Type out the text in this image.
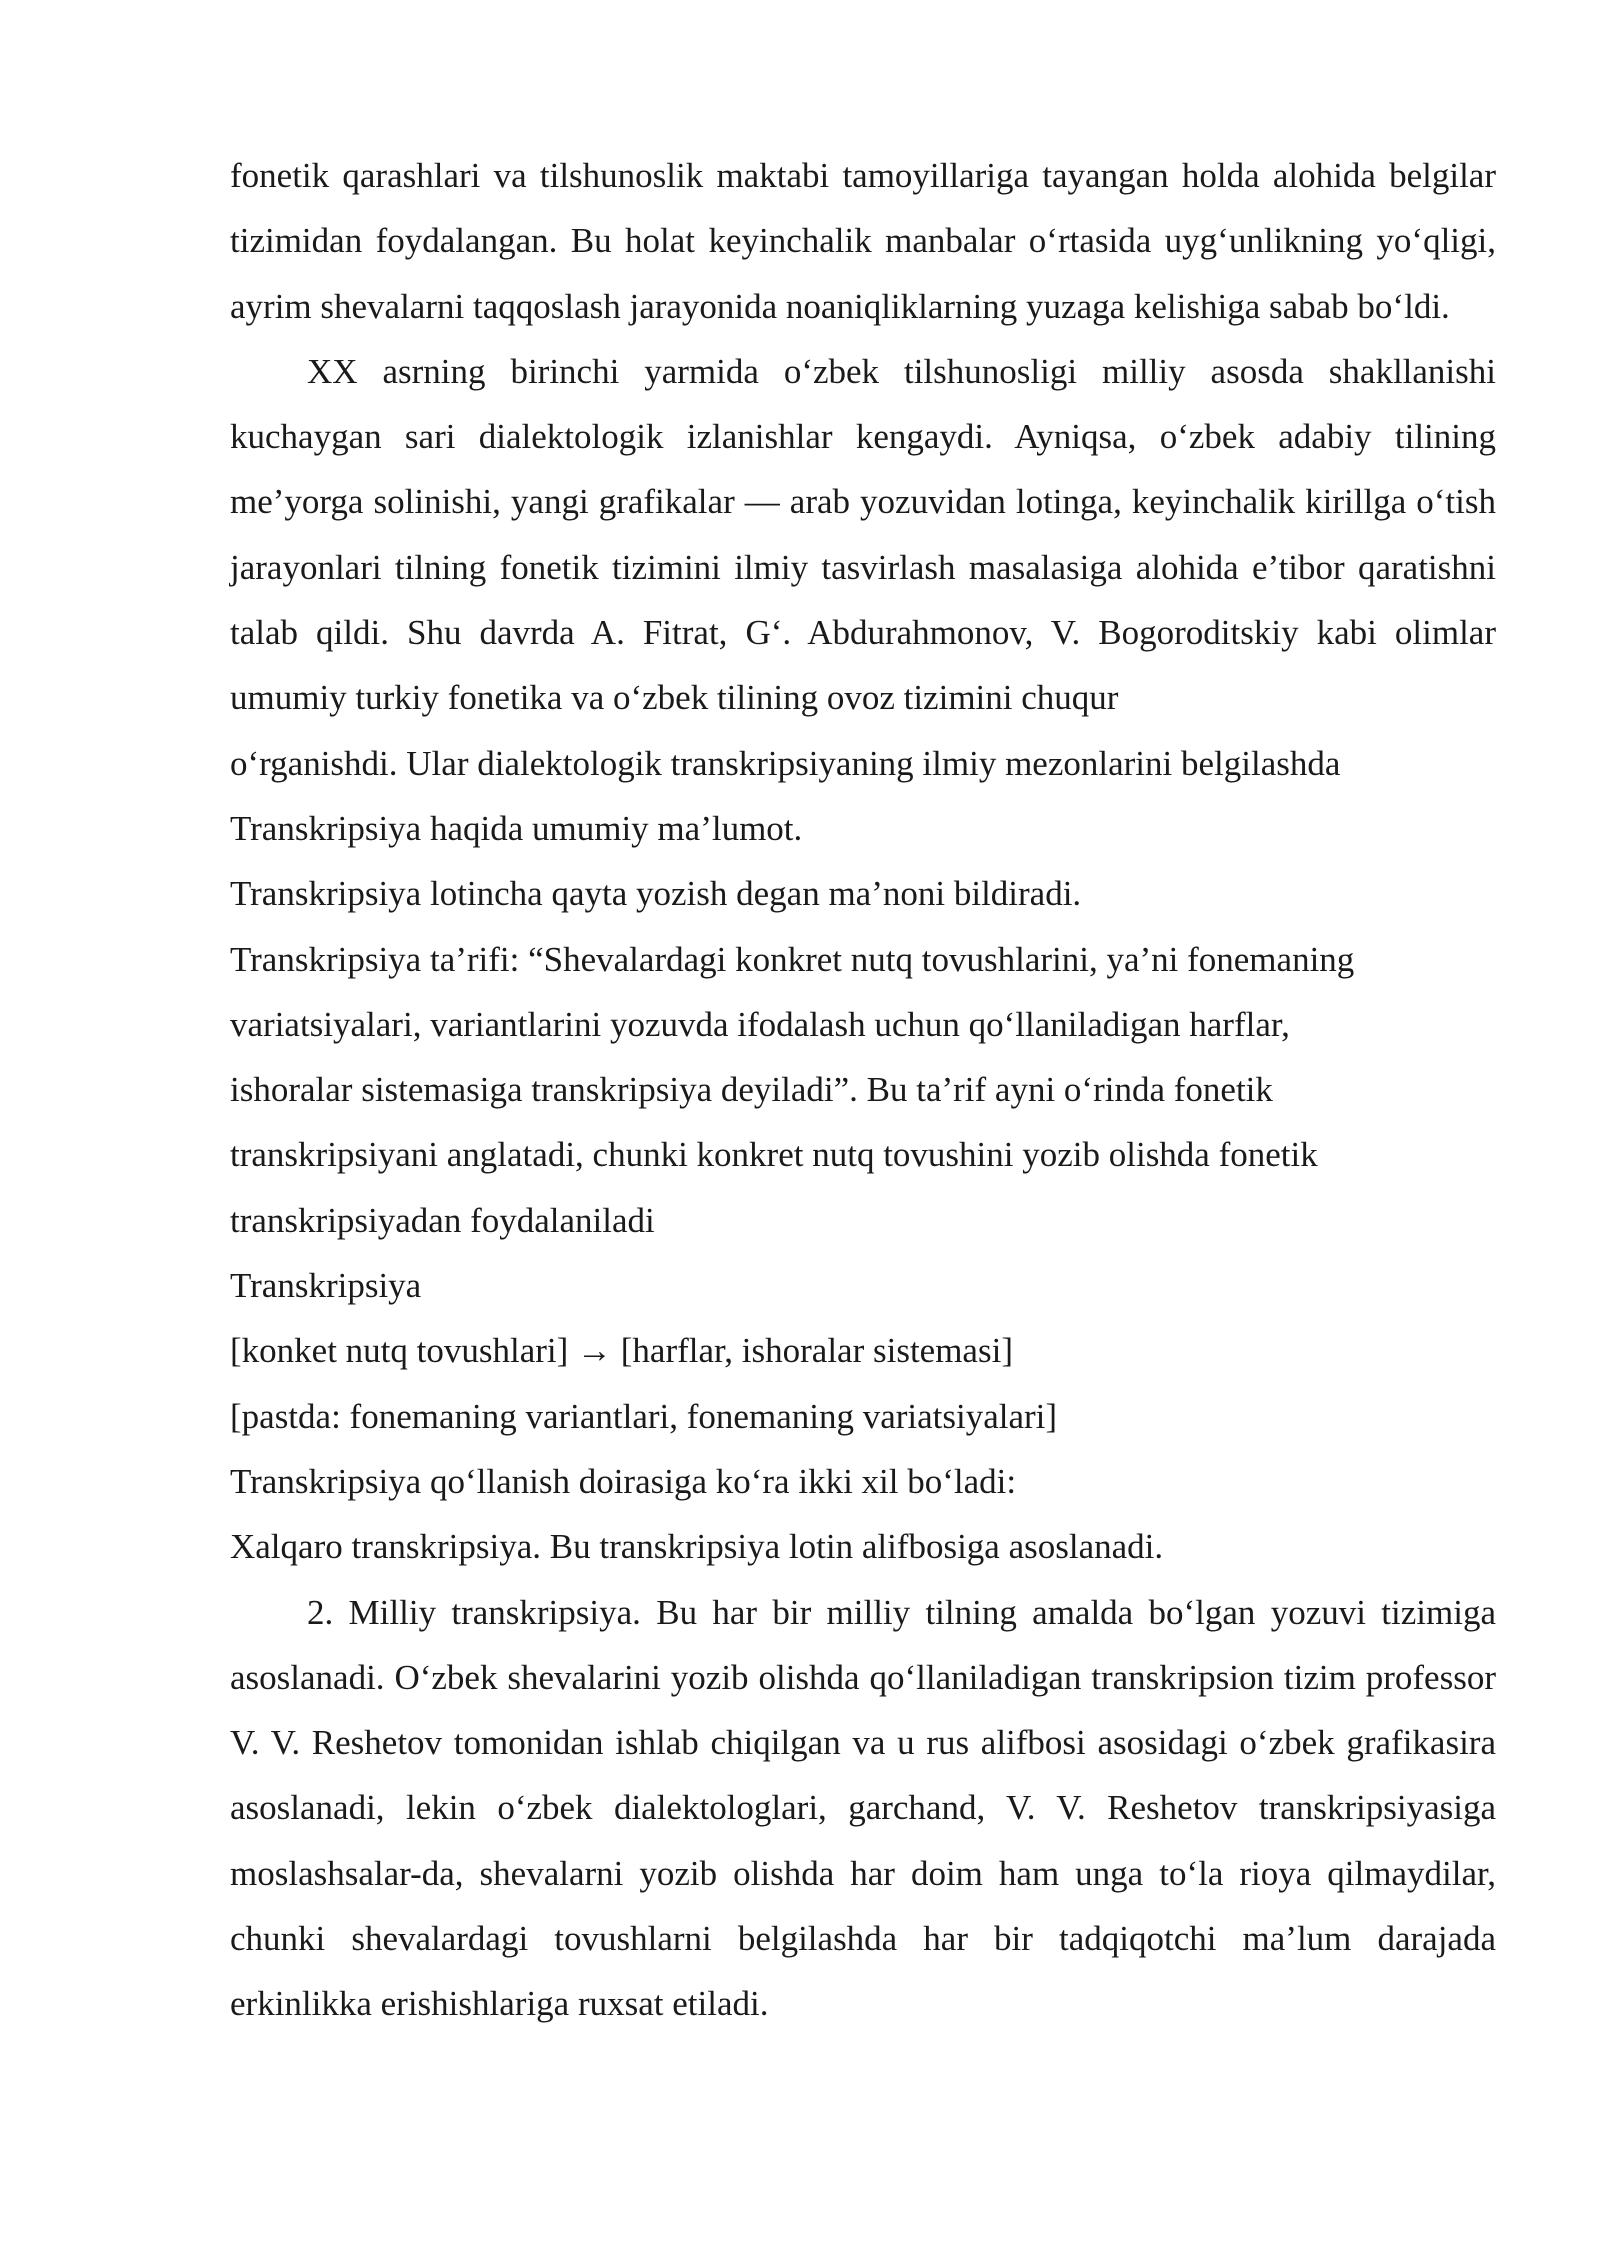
fonetik qarashlari va tilshunoslik maktabi tamoyillariga tayangan holda alohida belgilar tizimidan foydalangan. Bu holat keyinchalik manbalar o‘rtasida uyg‘unlikning yo‘qligi, ayrim shevalarni taqqoslash jarayonida noaniqliklarning yuzaga kelishiga sabab bo‘ldi.

XX asrning birinchi yarmida o‘zbek tilshunosligi milliy asosda shakllanishi kuchaygan sari dialektologik izlanishlar kengaydi. Ayniqsa, o‘zbek adabiy tilining me’yorga solinishi, yangi grafikalar — arab yozuvidan lotinga, keyinchalik kirillga o‘tish jarayonlari tilning fonetik tizimini ilmiy tasvirlash masalasiga alohida e’tibor qaratishni talab qildi. Shu davrda A. Fitrat, G‘. Abdurahmonov, V. Bogoroditskiy kabi olimlar umumiy turkiy fonetika va o‘zbek tilining ovoz tizimini chuqur

o‘rganishdi. Ular dialektologik transkripsiyaning ilmiy mezonlarini belgilashda

Transkripsiya haqida umumiy ma’lumot.

Transkripsiya lotincha qayta yozish degan ma’noni bildiradi.

Transkripsiya ta’rifi: “Shevalardagi konkret nutq tovushlarini, ya’ni fonemaning

variatsiyalari, variantlarini yozuvda ifodalash uchun qo‘llaniladigan harflar,

ishoralar sistemasiga transkripsiya deyiladi”. Bu ta’rif ayni o‘rinda fonetik

transkripsiyani anglatadi, chunki konkret nutq tovushini yozib olishda fonetik

transkripsiyadan foydalaniladi

Transkripsiya

[konket nutq tovushlari] → [harflar, ishoralar sistemasi]

[pastda: fonemaning variantlari, fonemaning variatsiyalari]

Transkripsiya qo‘llanish doirasiga ko‘ra ikki xil bo‘ladi:

Xalqaro transkripsiya. Bu transkripsiya lotin alifbosiga asoslanadi.

2. Milliy transkripsiya. Bu har bir milliy tilning amalda bo‘lgan yozuvi tizimiga asoslanadi. O‘zbek shevalarini yozib olishda qo‘llaniladigan transkripsion tizim professor V. V. Reshetov tomonidan ishlab chiqilgan va u rus alifbosi asosidagi o‘zbek grafikasira asoslanadi, lekin o‘zbek dialektologlari, garchand, V. V. Reshetov transkripsiyasiga moslashsalar-da, shevalarni yozib olishda har doim ham unga to‘la rioya qilmaydilar, chunki shevalardagi tovushlarni belgilashda har bir tadqiqotchi ma’lum darajada erkinlikka erishishlariga ruxsat etiladi.
